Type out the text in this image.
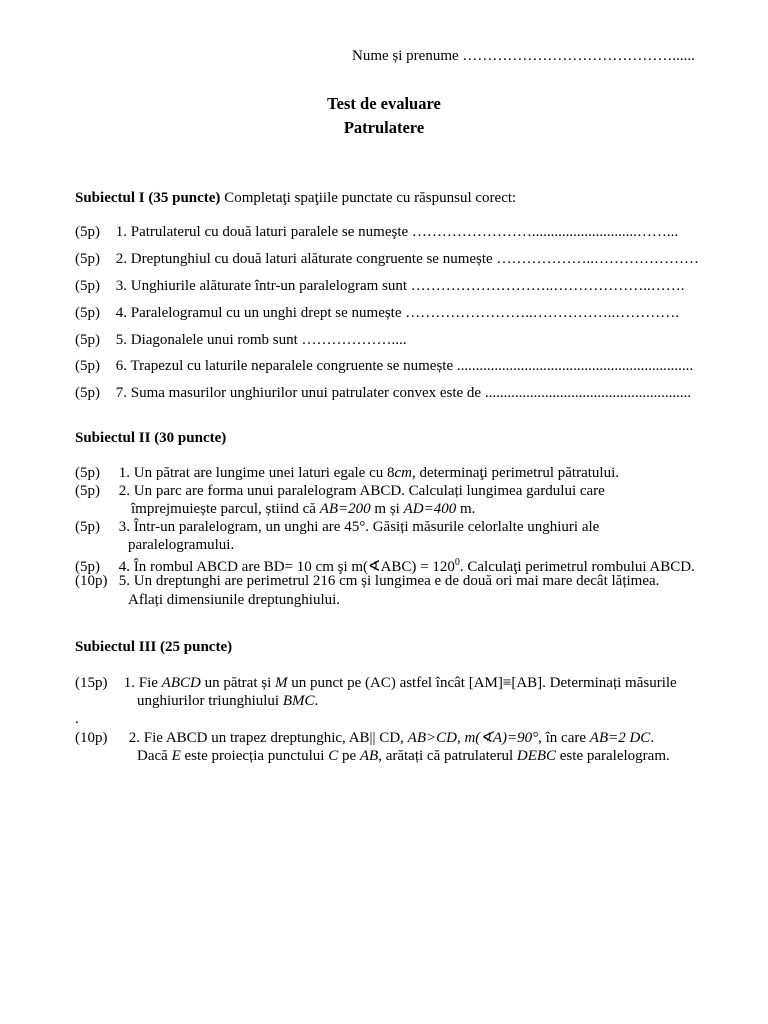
Nume și prenume ……………………………………......
Test de evaluare
Patrulatere
Subiectul I (35 puncte) Completaţi spaţiile punctate cu răspunsul corect:
(5p) 1. Patrulaterul cu două laturi paralele se numeşte ……………………............................……...
(5p) 2. Dreptunghiul cu două laturi alăturate congruente se numește ………………..…………………
(5p) 3. Unghiurile alăturate într-un paralelogram sunt ………………………..………………..…….
(5p) 4. Paralelogramul cu un unghi drept se numește ……………………..……………..………….
(5p) 5. Diagonalele unui romb sunt ………………....
(5p) 6. Trapezul cu laturile neparalele congruente se numește ...............................................................
(5p) 7. Suma masurilor unghiurilor unui patrulater convex este de .......................................................
Subiectul II (30 puncte)
(5p) 1. Un pătrat are lungime unei laturi egale cu 8cm, determinaţi perimetrul pătratului.
(5p) 2. Un parc are forma unui paralelogram ABCD. Calculați lungimea gardului care
împrejmuiește parcul, știind că AB=200 m și AD=400 m.
(5p) 3. Într-un paralelogram, un unghi are 45°. Găsiți măsurile celorlalte unghiuri ale
paralelogramului.
(5p) 4. În rombul ABCD are BD= 10 cm şi m(∢ABC) = $120^0$. Calculaţi perimetrul rombului ABCD.
(10p) 5. Un dreptunghi are perimetrul 216 cm și lungimea e de două ori mai mare decât lățimea.
Aflați dimensiunile dreptunghiului.
Subiectul III (25 puncte)
(15p) 1. Fie ABCD un pătrat și M un punct pe (AC) astfel încât [AM]≡[AB]. Determinați măsurile
unghiurilor triunghiului BMC.
.
(10p) 2. Fie ABCD un trapez dreptunghic, AB|| CD, AB>CD, m(∢A)=90°, în care AB=2 DC.
Dacă E este proiecția punctului C pe AB, arătați că patrulaterul DEBC este paralelogram.
